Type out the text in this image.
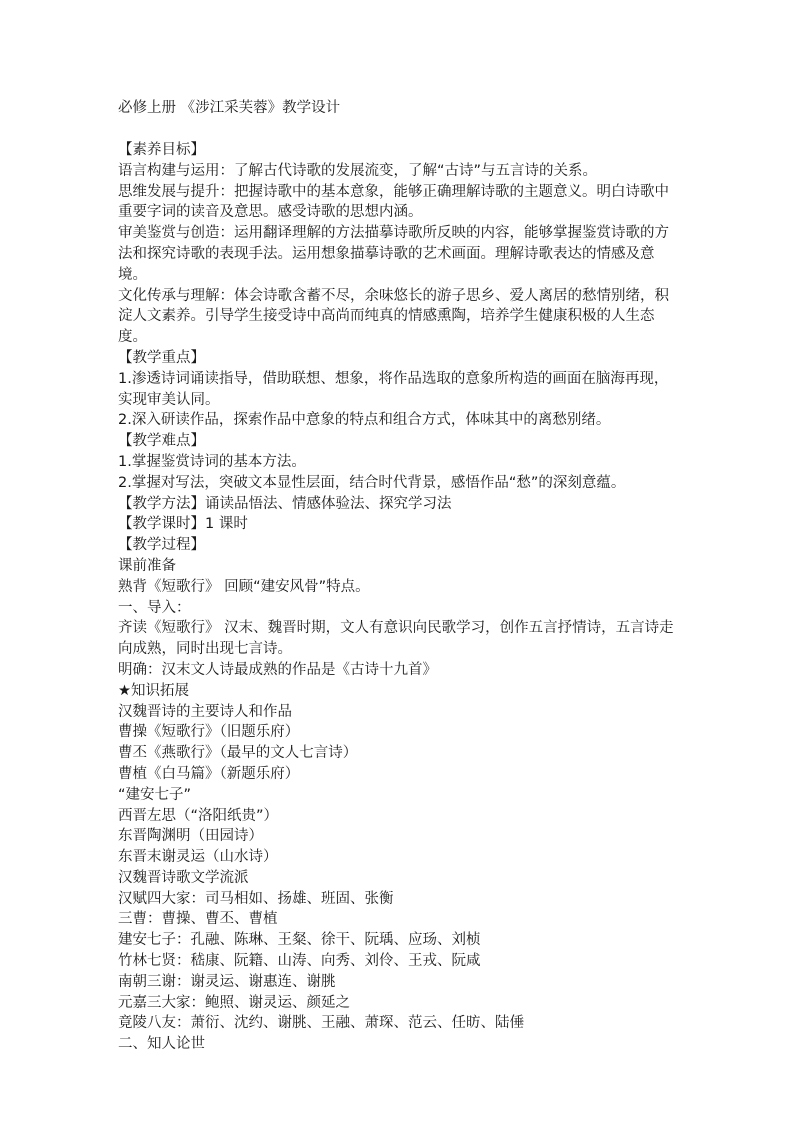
必修上册 《涉江采芙蓉》教学设计

【素养目标】

语言构建与运用：了解古代诗歌的发展流变，了解“古诗”与五言诗的关系。

思维发展与提升：把握诗歌中的基本意象，能够正确理解诗歌的主题意义。明白诗歌中重要字词的读音及意思。感受诗歌的思想内涵。

审美鉴赏与创造：运用翻译理解的方法描摹诗歌所反映的内容，能够掌握鉴赏诗歌的方法和探究诗歌的表现手法。运用想象描摹诗歌的艺术画面。理解诗歌表达的情感及意境。

文化传承与理解：体会诗歌含蓄不尽，余味悠长的游子思乡、爱人离居的愁情别绪，积淀人文素养。引导学生接受诗中高尚而纯真的情感熏陶，培养学生健康积极的人生态度。

【教学重点】

1.渗透诗词诵读指导，借助联想、想象，将作品选取的意象所构造的画面在脑海再现，实现审美认同。

2.深入研读作品，探索作品中意象的特点和组合方式，体味其中的离愁别绪。

【教学难点】

1.掌握鉴赏诗词的基本方法。

2.掌握对写法，突破文本显性层面，结合时代背景，感悟作品“愁”的深刻意蕴。

【教学方法】诵读品悟法、情感体验法、探究学习法

【教学课时】1 课时

【教学过程】

课前准备

熟背《短歌行》 回顾“建安风骨”特点。

一、导入：

齐读《短歌行》 汉末、魏晋时期，文人有意识向民歌学习，创作五言抒情诗，五言诗走向成熟，同时出现七言诗。

明确：汉末文人诗最成熟的作品是《古诗十九首》

★知识拓展

汉魏晋诗的主要诗人和作品

曹操《短歌行》（旧题乐府）

曹丕《燕歌行》（最早的文人七言诗）

曹植《白马篇》（新题乐府）

“建安七子”

西晋左思（“洛阳纸贵”）

东晋陶渊明（田园诗）

东晋末谢灵运（山水诗）

汉魏晋诗歌文学流派

汉赋四大家：司马相如、扬雄、班固、张衡

三曹：曹操、曹丕、曹植

建安七子：孔融、陈琳、王粲、徐干、阮瑀、应玚、刘桢

竹林七贤：嵇康、阮籍、山涛、向秀、刘伶、王戎、阮咸

南朝三谢：谢灵运、谢惠连、谢朓

元嘉三大家：鲍照、谢灵运、颜延之

竟陵八友：萧衍、沈约、谢朓、王融、萧琛、范云、任昉、陆倕

二、知人论世
